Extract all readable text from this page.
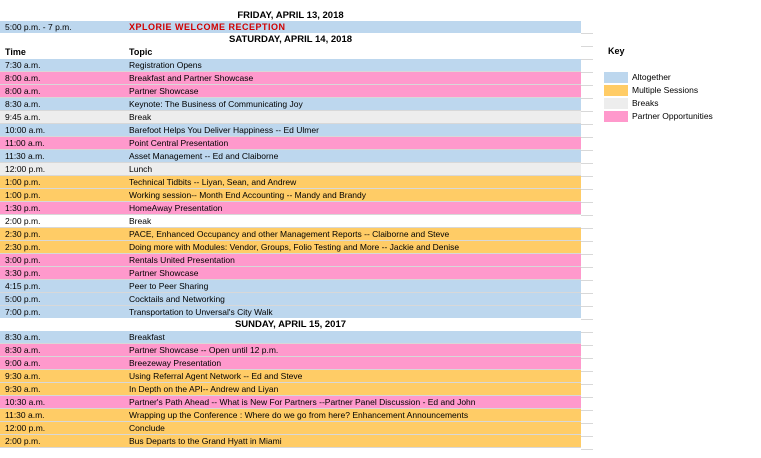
FRIDAY, APRIL 13, 2018
5:00 p.m. - 7 p.m.	XPLORIE WELCOME RECEPTION
SATURDAY, APRIL 14, 2018
Time	Topic
7:30 a.m.	Registration Opens
8:00 a.m.	Breakfast and Partner Showcase
8:00 a.m.	Partner Showcase
8:30 a.m.	Keynote: The Business of Communicating Joy
9:45 a.m.	Break
10:00 a.m.	Barefoot Helps You Deliver Happiness -- Ed Ulmer
11:00 a.m.	Point Central Presentation
11:30 a.m.	Asset Management -- Ed and Claiborne
12:00 p.m.	Lunch
1:00 p.m.	Technical Tidbits -- Liyan, Sean, and Andrew
1:00 p.m.	Working session-- Month End Accounting -- Mandy and Brandy
1:30 p.m.	HomeAway Presentation
2:00 p.m.	Break
2:30 p.m.	PACE, Enhanced Occupancy and other Management Reports -- Claiborne and Steve
2:30 p.m.	Doing more with Modules: Vendor, Groups, Folio Testing and More -- Jackie and Denise
3:00 p.m.	Rentals United Presentation
3:30 p.m.	Partner Showcase
4:15 p.m.	Peer to Peer Sharing
5:00 p.m.	Cocktails and Networking
7:00 p.m.	Transportation to Unversal's City Walk
SUNDAY, APRIL 15, 2017
8:30 a.m.	Breakfast
8:30 a.m.	Partner Showcase -- Open until 12 p.m.
9:00 a.m.	Breezeway Presentation
9:30 a.m.	Using Referral Agent Network -- Ed and Steve
9:30 a.m.	In Depth on the API-- Andrew and Liyan
10:30 a.m.	Partner's Path Ahead -- What is New For Partners --Partner Panel Discussion - Ed and John
11:30 a.m.	Wrapping up the Conference : Where do we go from here? Enhancement Announcements
12:00 p.m.	Conclude
2:00 p.m.	Bus Departs to the Grand Hyatt in Miami
Key
Altogether
Multiple Sessions
Breaks
Partner Opportunities
